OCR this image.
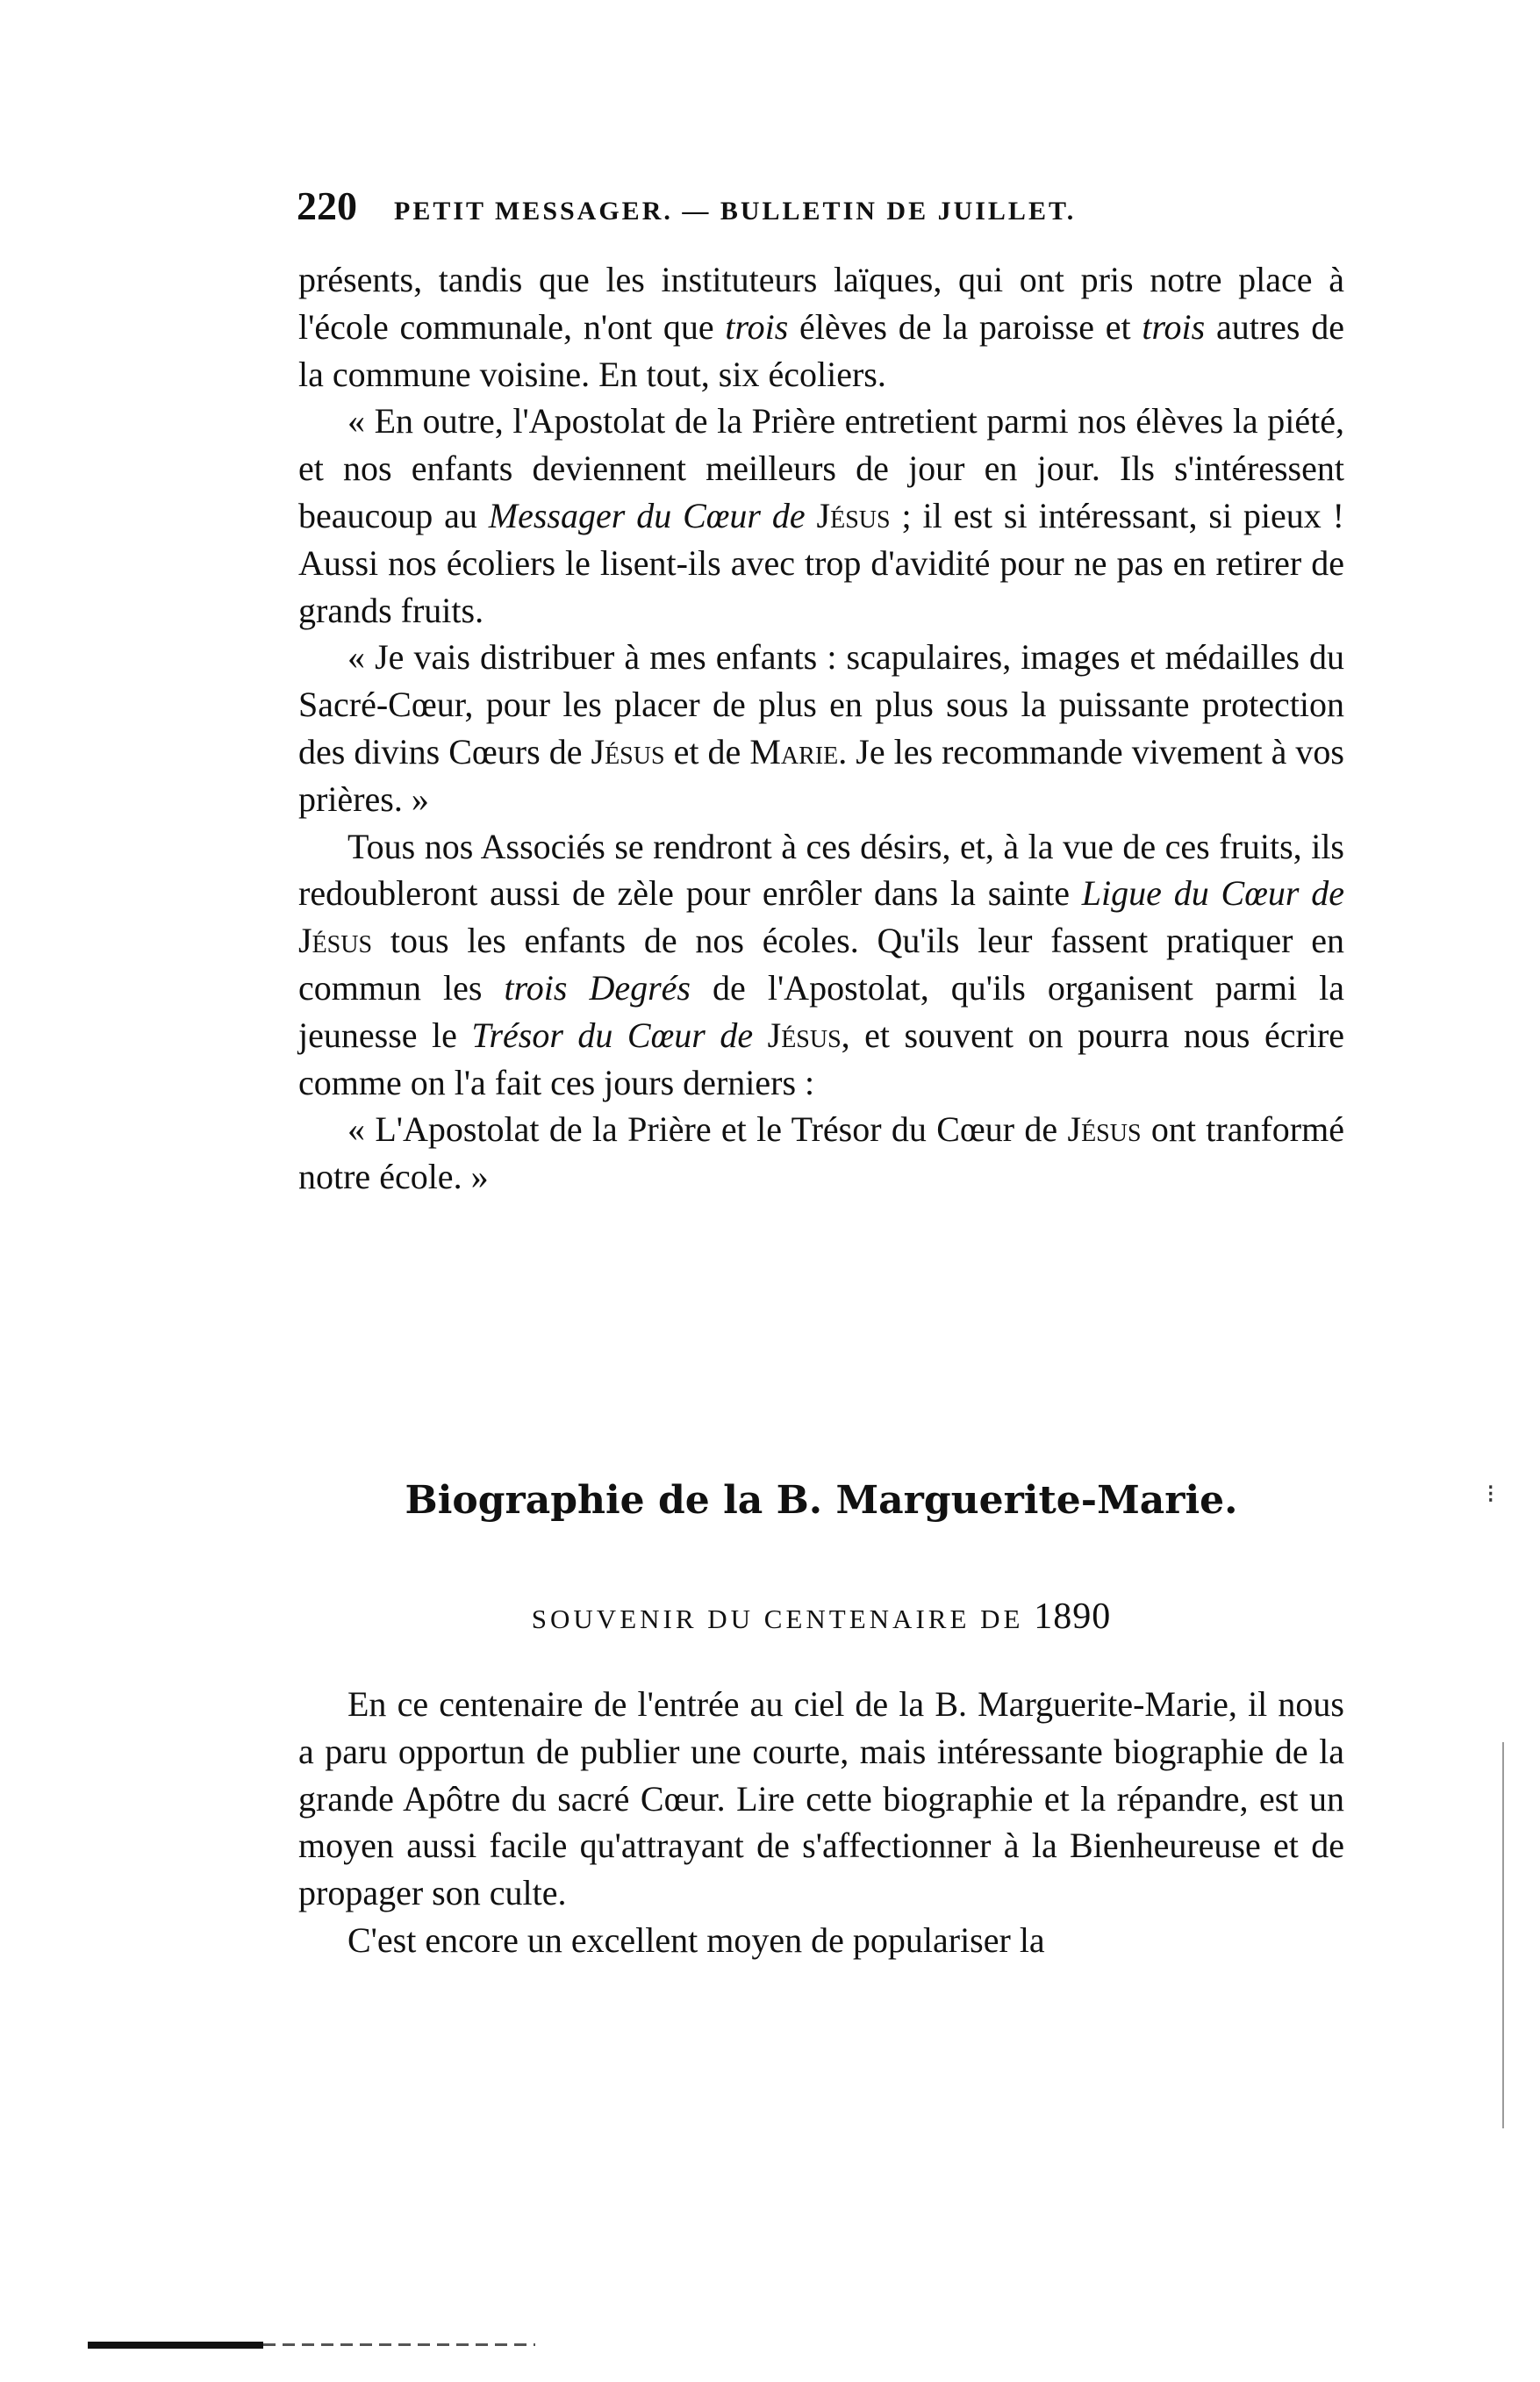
220 PETIT MESSAGER. — BULLETIN DE JUILLET.

présents, tandis que les instituteurs laïques, qui ont pris notre place à l'école communale, n'ont que trois élèves de la paroisse et trois autres de la commune voisine. En tout, six écoliers.

« En outre, l'Apostolat de la Prière entretient parmi nos élèves la piété, et nos enfants deviennent meilleurs de jour en jour. Ils s'intéressent beaucoup au Messager du Cœur de Jésus ; il est si intéressant, si pieux ! Aussi nos écoliers le lisent-ils avec trop d'avidité pour ne pas en retirer de grands fruits.

« Je vais distribuer à mes enfants : scapulaires, images et médailles du Sacré-Cœur, pour les placer de plus en plus sous la puissante protection des divins Cœurs de Jésus et de Marie. Je les recommande vivement à vos prières. »

Tous nos Associés se rendront à ces désirs, et, à la vue de ces fruits, ils redoubleront aussi de zèle pour enrôler dans la sainte Ligue du Cœur de Jésus tous les enfants de nos écoles. Qu'ils leur fassent pratiquer en commun les trois Degrés de l'Apostolat, qu'ils organisent parmi la jeunesse le Trésor du Cœur de Jésus, et souvent on pourra nous écrire comme on l'a fait ces jours derniers :

« L'Apostolat de la Prière et le Trésor du Cœur de Jésus ont tranformé notre école. »

Biographie de la B. Marguerite-Marie.
SOUVENIR DU CENTENAIRE DE 1890

En ce centenaire de l'entrée au ciel de la B. Marguerite-Marie, il nous a paru opportun de publier une courte, mais intéressante biographie de la grande Apôtre du sacré Cœur. Lire cette biographie et la répandre, est un moyen aussi facile qu'attrayant de s'affectionner à la Bienheureuse et de propager son culte.

C'est encore un excellent moyen de populariser la

⁝
